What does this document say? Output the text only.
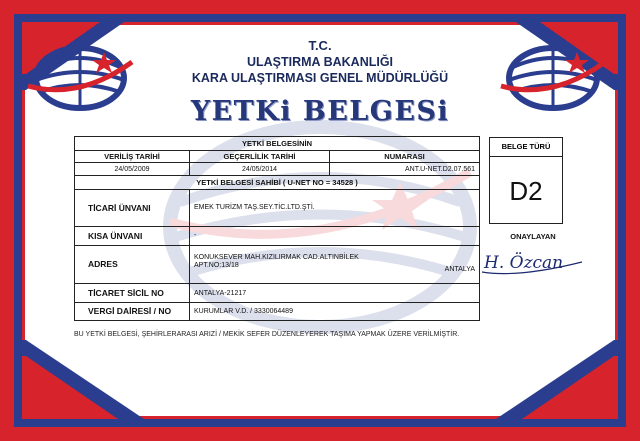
T.C.
ULAŞTIRMA BAKANLIĞI
KARA ULAŞTIRMASI GENEL MÜDÜRLÜĞÜ
YETKi BELGESi
YETKİ BELGESİNİN		
VERİLİŞ TARİHİ	GEÇERLİLİK TARİHİ	NUMARASI
24/05/2009	24/05/2014	ANT.U-NET.D2.07.561
YETKİ BELGESİ SAHİBİ ( U-NET NO = 34528 )		
TİCARİ ÜNVANI	EMEK TURİZM TAŞ.SEY.TİC.LTD.ŞTİ.	
KISA ÜNVANI	-	
ADRES	KONUKSEVER MAH.KIZILIRMAK CAD.ALTINBİLEK
APT.NO:13/18
ANTALYA	

TİCARET SİCİL NO	ANTALYA-21217	
VERGİ DAİRESİ / NO	KURUMLAR V.D. / 3330064489	
BELGE TÜRÜ
D2
ONAYLAYAN
H. Özcan
BU YETKİ BELGESİ, ŞEHİRLERARASI ARIZİ / MEKİK SEFER DÜZENLEYEREK TAŞIMA YAPMAK ÜZERE VERİLMİŞTİR.
